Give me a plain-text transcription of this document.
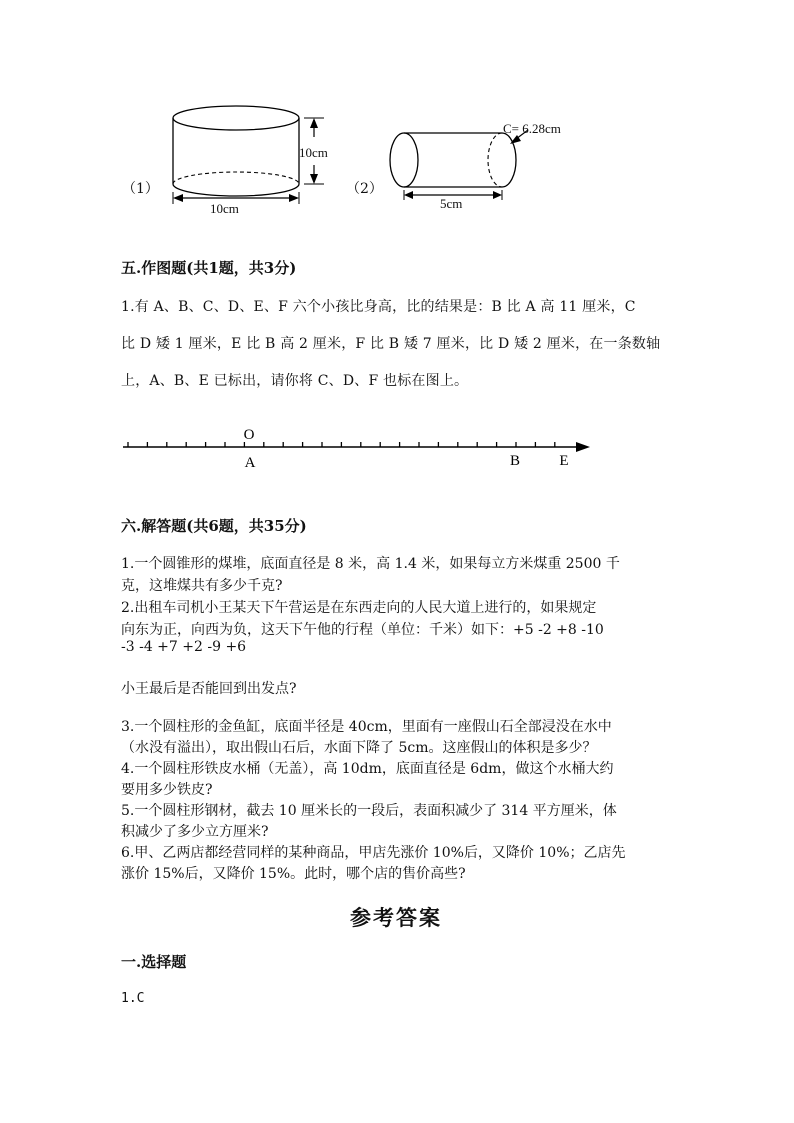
（1）
10cm
10cm
（2）
C= 6.28cm
5cm
五.作图题(共1题，共3分)
1.有 A、B、C、D、E、F 六个小孩比身高，比的结果是：B 比 A 高 11 厘米，C
比 D 矮 1 厘米，E 比 B 高 2 厘米，F 比 B 矮 7 厘米，比 D 矮 2 厘米，在一条数轴
上，A、B、E 已标出，请你将 C、D、F 也标在图上。
O
A	B	E
六.解答题(共6题，共35分)
1.一个圆锥形的煤堆，底面直径是 8 米，高 1.4 米，如果每立方米煤重 2500 千
克，这堆煤共有多少千克?
2.出租车司机小王某天下午营运是在东西走向的人民大道上进行的，如果规定
向东为正，向西为负，这天下午他的行程（单位：千米）如下：+5 -2 +8 -10
-3 -4 +7 +2 -9 +6
小王最后是否能回到出发点?
3.一个圆柱形的金鱼缸，底面半径是 40cm，里面有一座假山石全部浸没在水中
（水没有溢出），取出假山石后，水面下降了 5cm。这座假山的体积是多少？
4.一个圆柱形铁皮水桶（无盖），高 10dm，底面直径是 6dm，做这个水桶大约
要用多少铁皮?
5.一个圆柱形钢材，截去 10 厘米长的一段后，表面积减少了 314 平方厘米，体
积减少了多少立方厘米?
6.甲、乙两店都经营同样的某种商品，甲店先涨价 10%后，又降价 10%；乙店先
涨价 15%后，又降价 15%。此时，哪个店的售价高些?
参考答案
一.选择题
1.C
